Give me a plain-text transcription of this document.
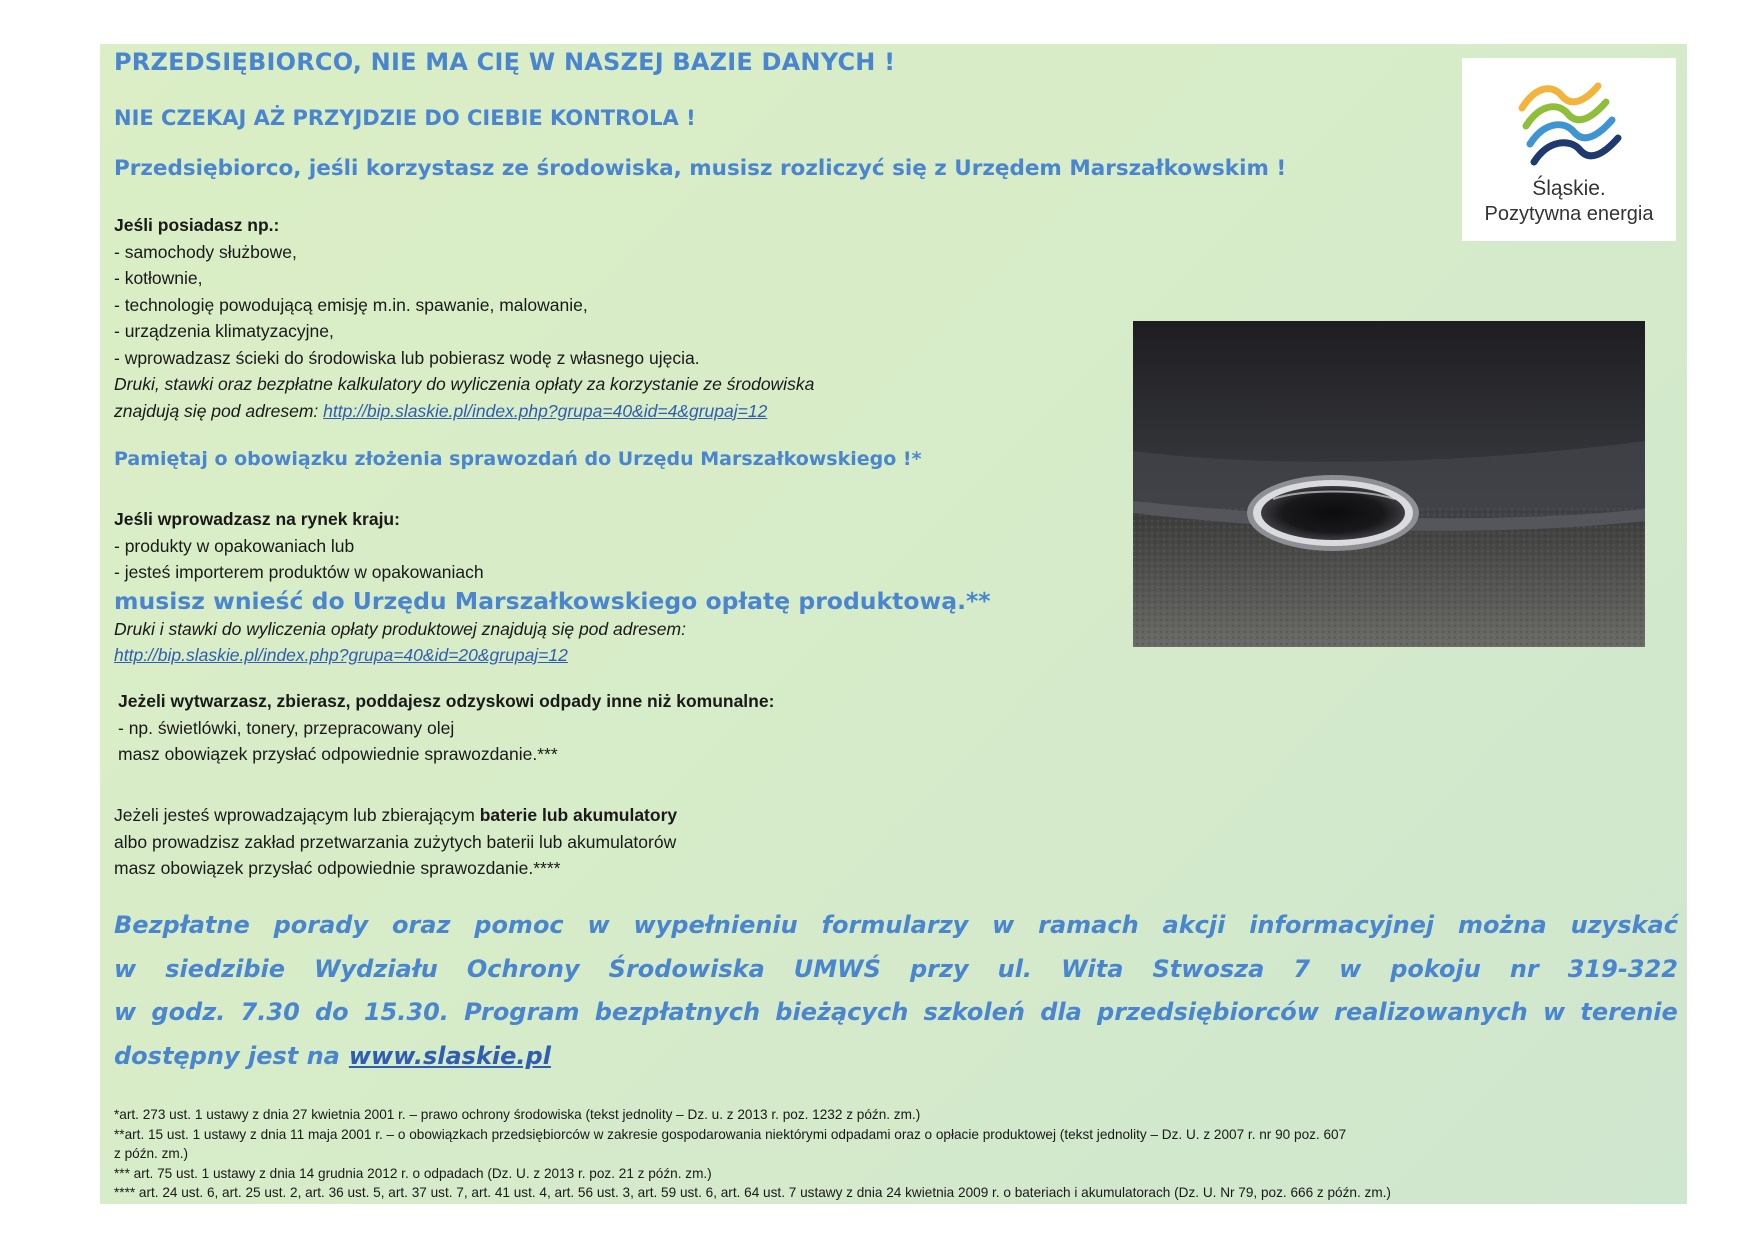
PRZEDSIĘBIORCO, NIE MA CIĘ W NASZEJ BAZIE DANYCH !
NIE CZEKAJ AŻ PRZYJDZIE DO CIEBIE KONTROLA !
Przedsiębiorco, jeśli korzystasz ze środowiska, musisz rozliczyć się z Urzędem Marszałkowskim !
Jeśli posiadasz np.:
- samochody służbowe,
- kotłownie,
- technologię powodującą emisję m.in. spawanie, malowanie,
- urządzenia klimatyzacyjne,
- wprowadzasz ścieki do środowiska lub pobierasz wodę z własnego ujęcia.
Druki, stawki oraz bezpłatne kalkulatory do wyliczenia opłaty za korzystanie ze środowiska
znajdują się pod adresem: http://bip.slaskie.pl/index.php?grupa=40&id=4&grupaj=12
Pamiętaj o obowiązku złożenia sprawozdań do Urzędu Marszałkowskiego !*
Jeśli wprowadzasz na rynek kraju:
- produkty w opakowaniach lub
- jesteś importerem produktów w opakowaniach
musisz wnieść do Urzędu Marszałkowskiego opłatę produktową.**
Druki i stawki do wyliczenia opłaty produktowej znajdują się pod adresem:
http://bip.slaskie.pl/index.php?grupa=40&id=20&grupaj=12
Jeżeli wytwarzasz, zbierasz, poddajesz odzyskowi odpady inne niż komunalne:
- np. świetlówki, tonery, przepracowany olej
masz obowiązek przysłać odpowiednie sprawozdanie.***
Jeżeli jesteś wprowadzającym lub zbierającym baterie lub akumulatory
albo prowadzisz zakład przetwarzania zużytych baterii lub akumulatorów
masz obowiązek przysłać odpowiednie sprawozdanie.****
Bezpłatne porady oraz pomoc w wypełnieniu formularzy w ramach akcji informacyjnej można uzyskać
w siedzibie Wydziału Ochrony Środowiska UMWŚ przy ul. Wita Stwosza 7 w pokoju nr 319-322
w godz. 7.30 do 15.30. Program bezpłatnych bieżących szkoleń dla przedsiębiorców realizowanych w terenie
dostępny jest na www.slaskie.pl
*art. 273 ust. 1 ustawy z dnia 27 kwietnia 2001 r. – prawo ochrony środowiska (tekst jednolity – Dz. u. z 2013 r. poz. 1232 z późn. zm.)
**art. 15 ust. 1 ustawy z dnia 11 maja 2001 r. – o obowiązkach przedsiębiorców w zakresie gospodarowania niektórymi odpadami oraz o opłacie produktowej (tekst jednolity – Dz. U. z 2007 r. nr 90 poz. 607
z późn. zm.)
*** art. 75 ust. 1 ustawy z dnia 14 grudnia 2012 r. o odpadach (Dz. U. z 2013 r. poz. 21 z późn. zm.)
**** art. 24 ust. 6, art. 25 ust. 2, art. 36 ust. 5, art. 37 ust. 7, art. 41 ust. 4, art. 56 ust. 3, art. 59 ust. 6, art. 64 ust. 7 ustawy z dnia 24 kwietnia 2009 r. o bateriach i akumulatorach (Dz. U. Nr 79, poz. 666 z późn. zm.)
Śląskie.
Pozytywna energia
